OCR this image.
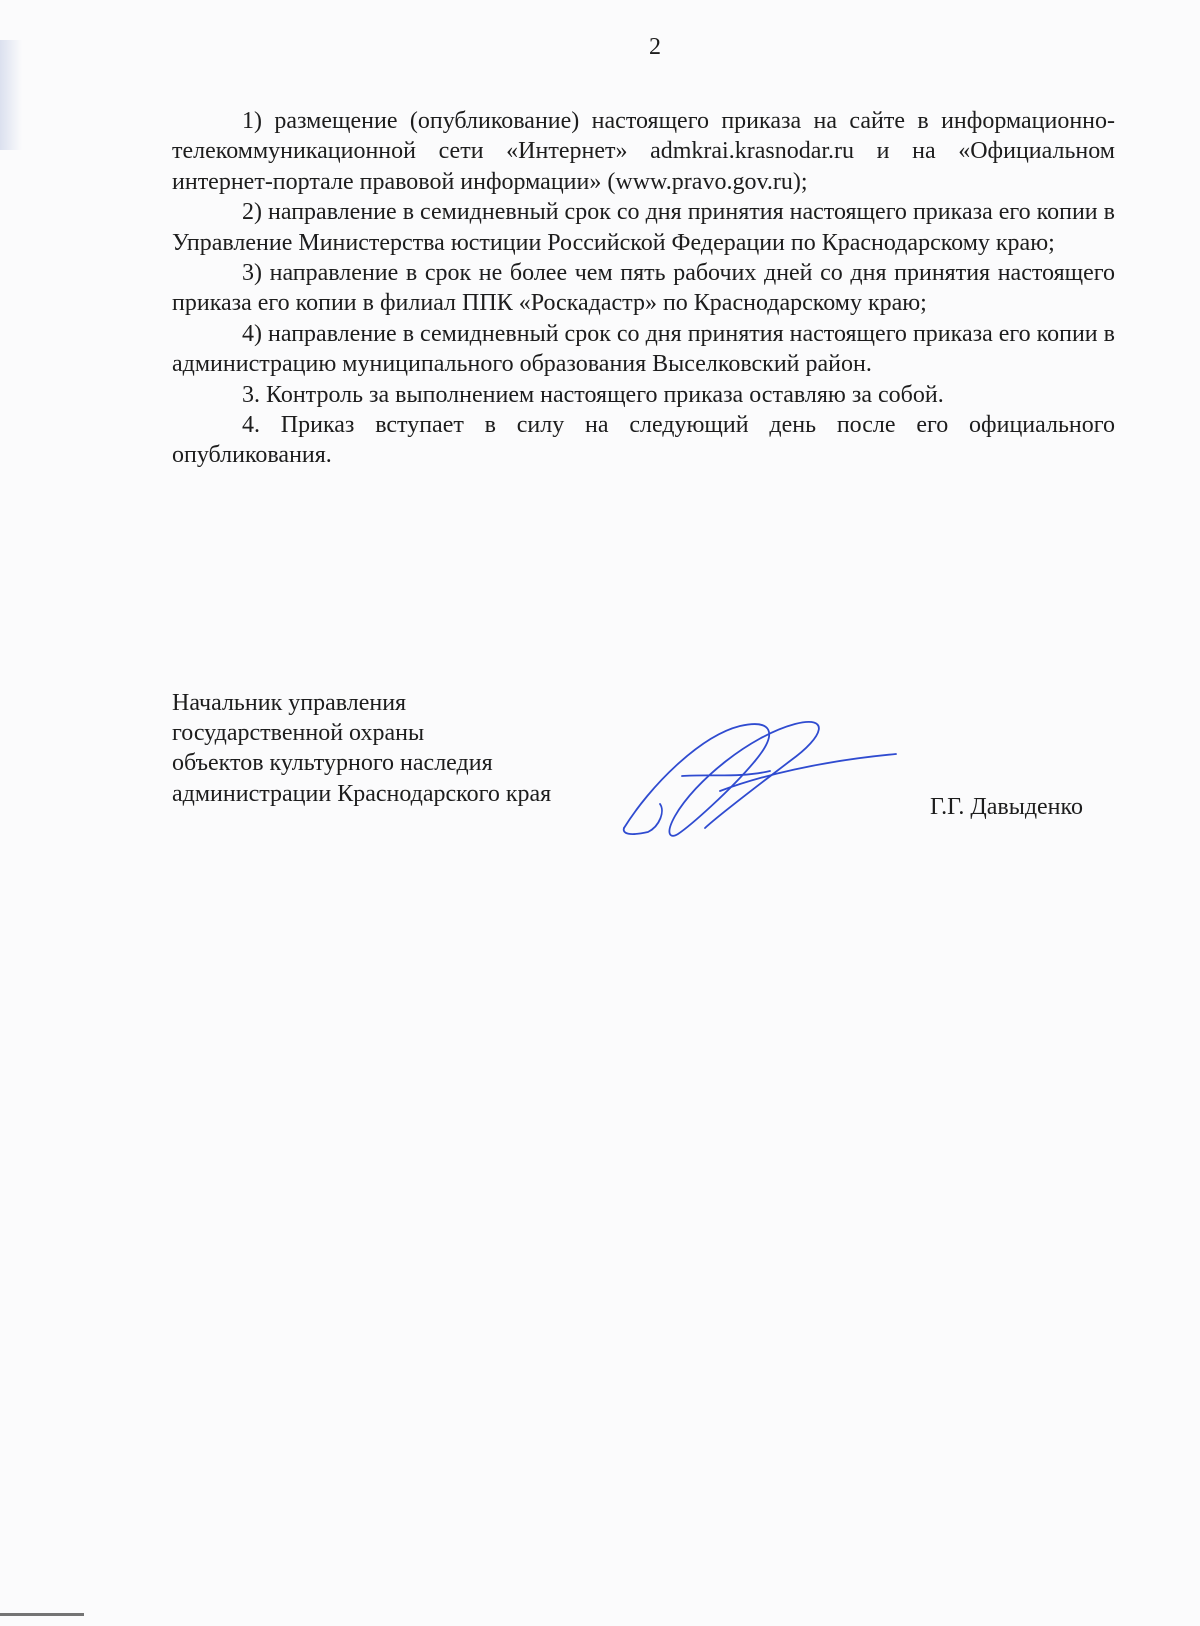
2

1) размещение (опубликование) настоящего приказа на сайте в информационно-телекоммуникационной сети «Интернет» admkrai.krasnodar.ru и на «Официальном интернет-портале правовой информации» (www.pravo.gov.ru);

2) направление в семидневный срок со дня принятия настоящего приказа его копии в Управление Министерства юстиции Российской Федерации по Краснодарскому краю;

3) направление в срок не более чем пять рабочих дней со дня принятия настоящего приказа его копии в филиал ППК «Роскадастр» по Краснодарскому краю;

4) направление в семидневный срок со дня принятия настоящего приказа его копии в администрацию муниципального образования Выселковский район.

3. Контроль за выполнением настоящего приказа оставляю за собой.

4. Приказ вступает в силу на следующий день после его официального опубликования.

Начальник управления
государственной охраны
объектов культурного наследия
администрации Краснодарского края
Г.Г. Давыденко
